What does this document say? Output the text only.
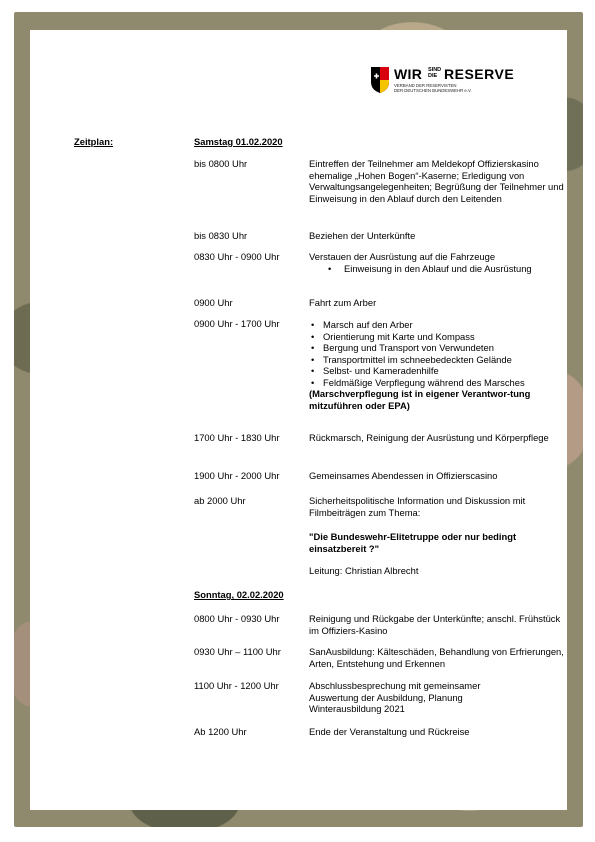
WIR SIND
DIE RESERVE
VERBAND DER RESERVISTEN
DER DEUTSCHEN BUNDESWEHR e.V.
Zeitplan:	Samstag 01.02.2020
bis 0800 Uhr	Eintreffen der Teilnehmer am Meldekopf Offizierskasino ehemalige „Hohen Bogen“-Kaserne; Erledigung von Verwaltungsangelegenheiten; Begrüßung der Teilnehmer und Einweisung in den Ablauf durch den Leitenden
bis 0830 Uhr	Beziehen der Unterkünfte
0830 Uhr - 0900 Uhr	Verstauen der Ausrüstung auf die Fahrzeuge
• Einweisung in den Ablauf und die Ausrüstung
0900 Uhr	Fahrt zum Arber
0900 Uhr - 1700 Uhr
•	Marsch auf den Arber
• Orientierung mit Karte und Kompass
• Bergung und Transport von Verwundeten
• Transportmittel im schneebedeckten Gelände
• Selbst- und Kameradenhilfe
• Feldmäßige Verpflegung während des Marsches
(Marschverpflegung ist in eigener Verantwor-tung mitzuführen oder EPA)
1700 Uhr - 1830 Uhr	Rückmarsch, Reinigung der Ausrüstung und Körperpflege
1900 Uhr - 2000 Uhr	Gemeinsames Abendessen in Offizierscasino
ab 2000 Uhr	Sicherheitspolitische Information und Diskussion mit Filmbeiträgen zum Thema:
"Die Bundeswehr-Elitetruppe oder nur bedingt einsatzbereit ?"
Leitung: Christian Albrecht
Sonntag, 02.02.2020
0800 Uhr - 0930 Uhr	Reinigung und Rückgabe der Unterkünfte; anschl. Frühstück im Offiziers-Kasino
0930 Uhr – 1100 Uhr	SanAusbildung: Kälteschäden, Behandlung von Erfrierungen, Arten, Entstehung und Erkennen
1100 Uhr - 1200 Uhr	Abschlussbesprechung mit gemeinsamer Auswertung der Ausbildung, Planung Winterausbildung 2021
Ab 1200 Uhr	Ende der Veranstaltung und Rückreise
